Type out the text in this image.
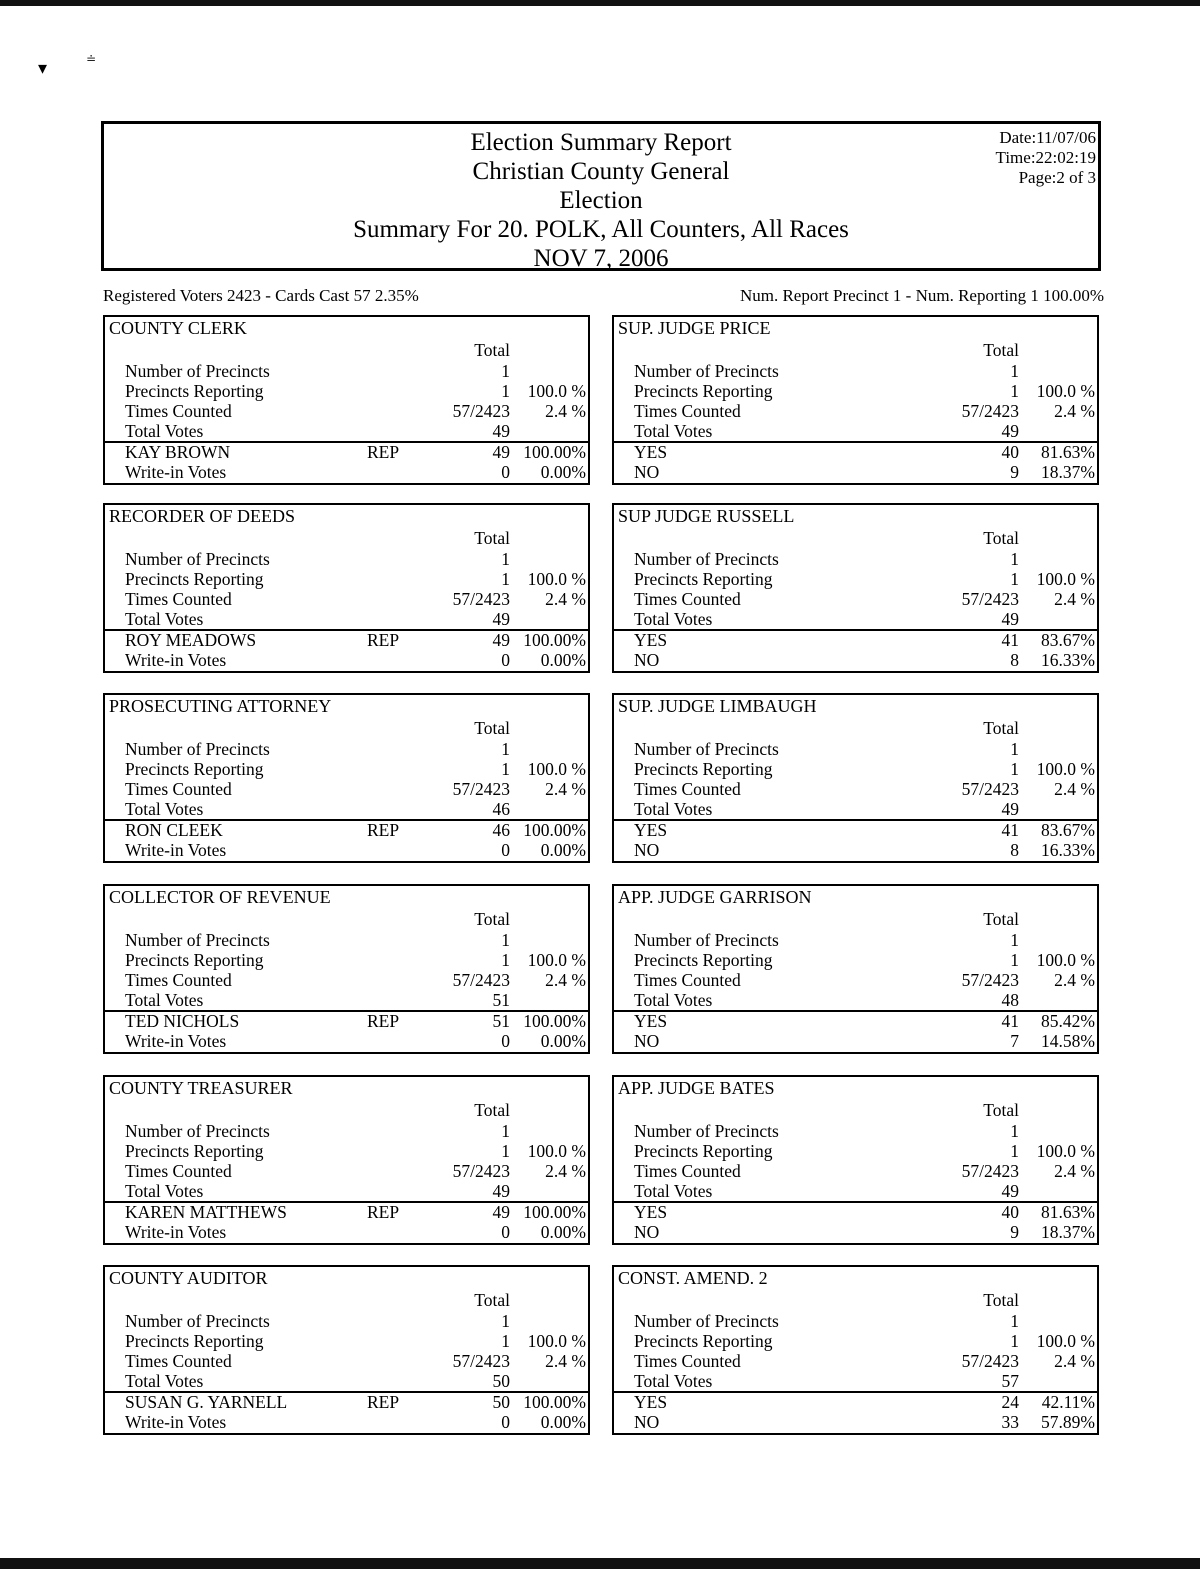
▾	≐
Election Summary Report
Christian County General
Election
Summary For 20. POLK, All Counters, All Races
NOV 7, 2006
Date:11/07/06
Time:22:02:19
Page:2 of 3
Registered Voters 2423 - Cards Cast 57 2.35%	Num. Report Precinct 1 - Num. Reporting 1 100.00%
COUNTY CLERK
Total
Number of Precincts	1
Precincts Reporting	1 100.0 %
Times Counted	57/2423 2.4 %
Total Votes	49
KAY BROWN	REP	49 100.00%
Write-in Votes	0 0.00%
SUP. JUDGE PRICE
Total
Number of Precincts	1
Precincts Reporting	1 100.0 %
Times Counted	57/2423 2.4 %
Total Votes	49
YES	40 81.63%
NO	9 18.37%
RECORDER OF DEEDS
Total
Number of Precincts	1
Precincts Reporting	1 100.0 %
Times Counted	57/2423 2.4 %
Total Votes	49
ROY MEADOWS	REP	49 100.00%
Write-in Votes	0 0.00%
SUP JUDGE RUSSELL
Total
Number of Precincts	1
Precincts Reporting	1 100.0 %
Times Counted	57/2423 2.4 %
Total Votes	49
YES	41 83.67%
NO	8 16.33%
PROSECUTING ATTORNEY
Total
Number of Precincts	1
Precincts Reporting	1 100.0 %
Times Counted	57/2423 2.4 %
Total Votes	46
RON CLEEK	REP	46 100.00%
Write-in Votes	0 0.00%
SUP. JUDGE LIMBAUGH
Total
Number of Precincts	1
Precincts Reporting	1 100.0 %
Times Counted	57/2423 2.4 %
Total Votes	49
YES	41 83.67%
NO	8 16.33%
COLLECTOR OF REVENUE
Total
Number of Precincts	1
Precincts Reporting	1 100.0 %
Times Counted	57/2423 2.4 %
Total Votes	51
TED NICHOLS	REP	51 100.00%
Write-in Votes	0 0.00%
APP. JUDGE GARRISON
Total
Number of Precincts	1
Precincts Reporting	1 100.0 %
Times Counted	57/2423 2.4 %
Total Votes	48
YES	41 85.42%
NO	7 14.58%
COUNTY TREASURER
Total
Number of Precincts	1
Precincts Reporting	1 100.0 %
Times Counted	57/2423 2.4 %
Total Votes	49
KAREN MATTHEWS	REP	49 100.00%
Write-in Votes	0 0.00%
APP. JUDGE BATES
Total
Number of Precincts	1
Precincts Reporting	1 100.0 %
Times Counted	57/2423 2.4 %
Total Votes	49
YES	40 81.63%
NO	9 18.37%
COUNTY AUDITOR
Total
Number of Precincts	1
Precincts Reporting	1 100.0 %
Times Counted	57/2423 2.4 %
Total Votes	50
SUSAN G. YARNELL	REP	50 100.00%
Write-in Votes	0 0.00%
CONST. AMEND. 2
Total
Number of Precincts	1
Precincts Reporting	1 100.0 %
Times Counted	57/2423 2.4 %
Total Votes	57
YES	24 42.11%
NO	33 57.89%
